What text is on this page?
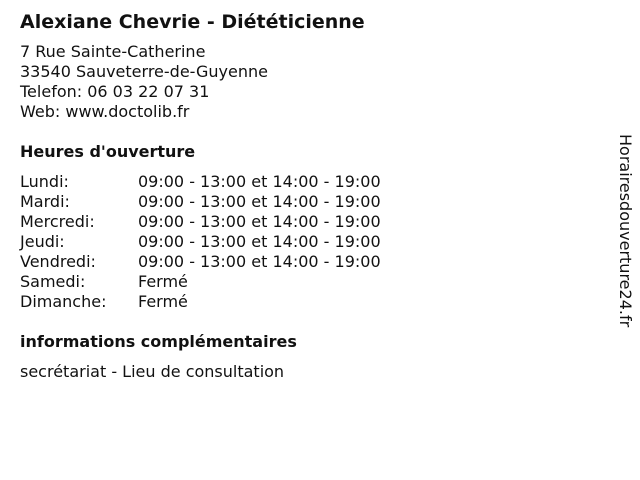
Alexiane Chevrie - Diététicienne
7 Rue Sainte-Catherine
33540 Sauveterre-de-Guyenne
Telefon: 06 03 22 07 31
Web: www.doctolib.fr
Heures d'ouverture
Lundi:	09:00 - 13:00 et 14:00 - 19:00
Mardi:	09:00 - 13:00 et 14:00 - 19:00
Mercredi:	09:00 - 13:00 et 14:00 - 19:00
Jeudi:	09:00 - 13:00 et 14:00 - 19:00
Vendredi:	09:00 - 13:00 et 14:00 - 19:00
Samedi:	Fermé
Dimanche:	Fermé
informations complémentaires
secrétariat - Lieu de consultation
Horairesdouverture24.fr
